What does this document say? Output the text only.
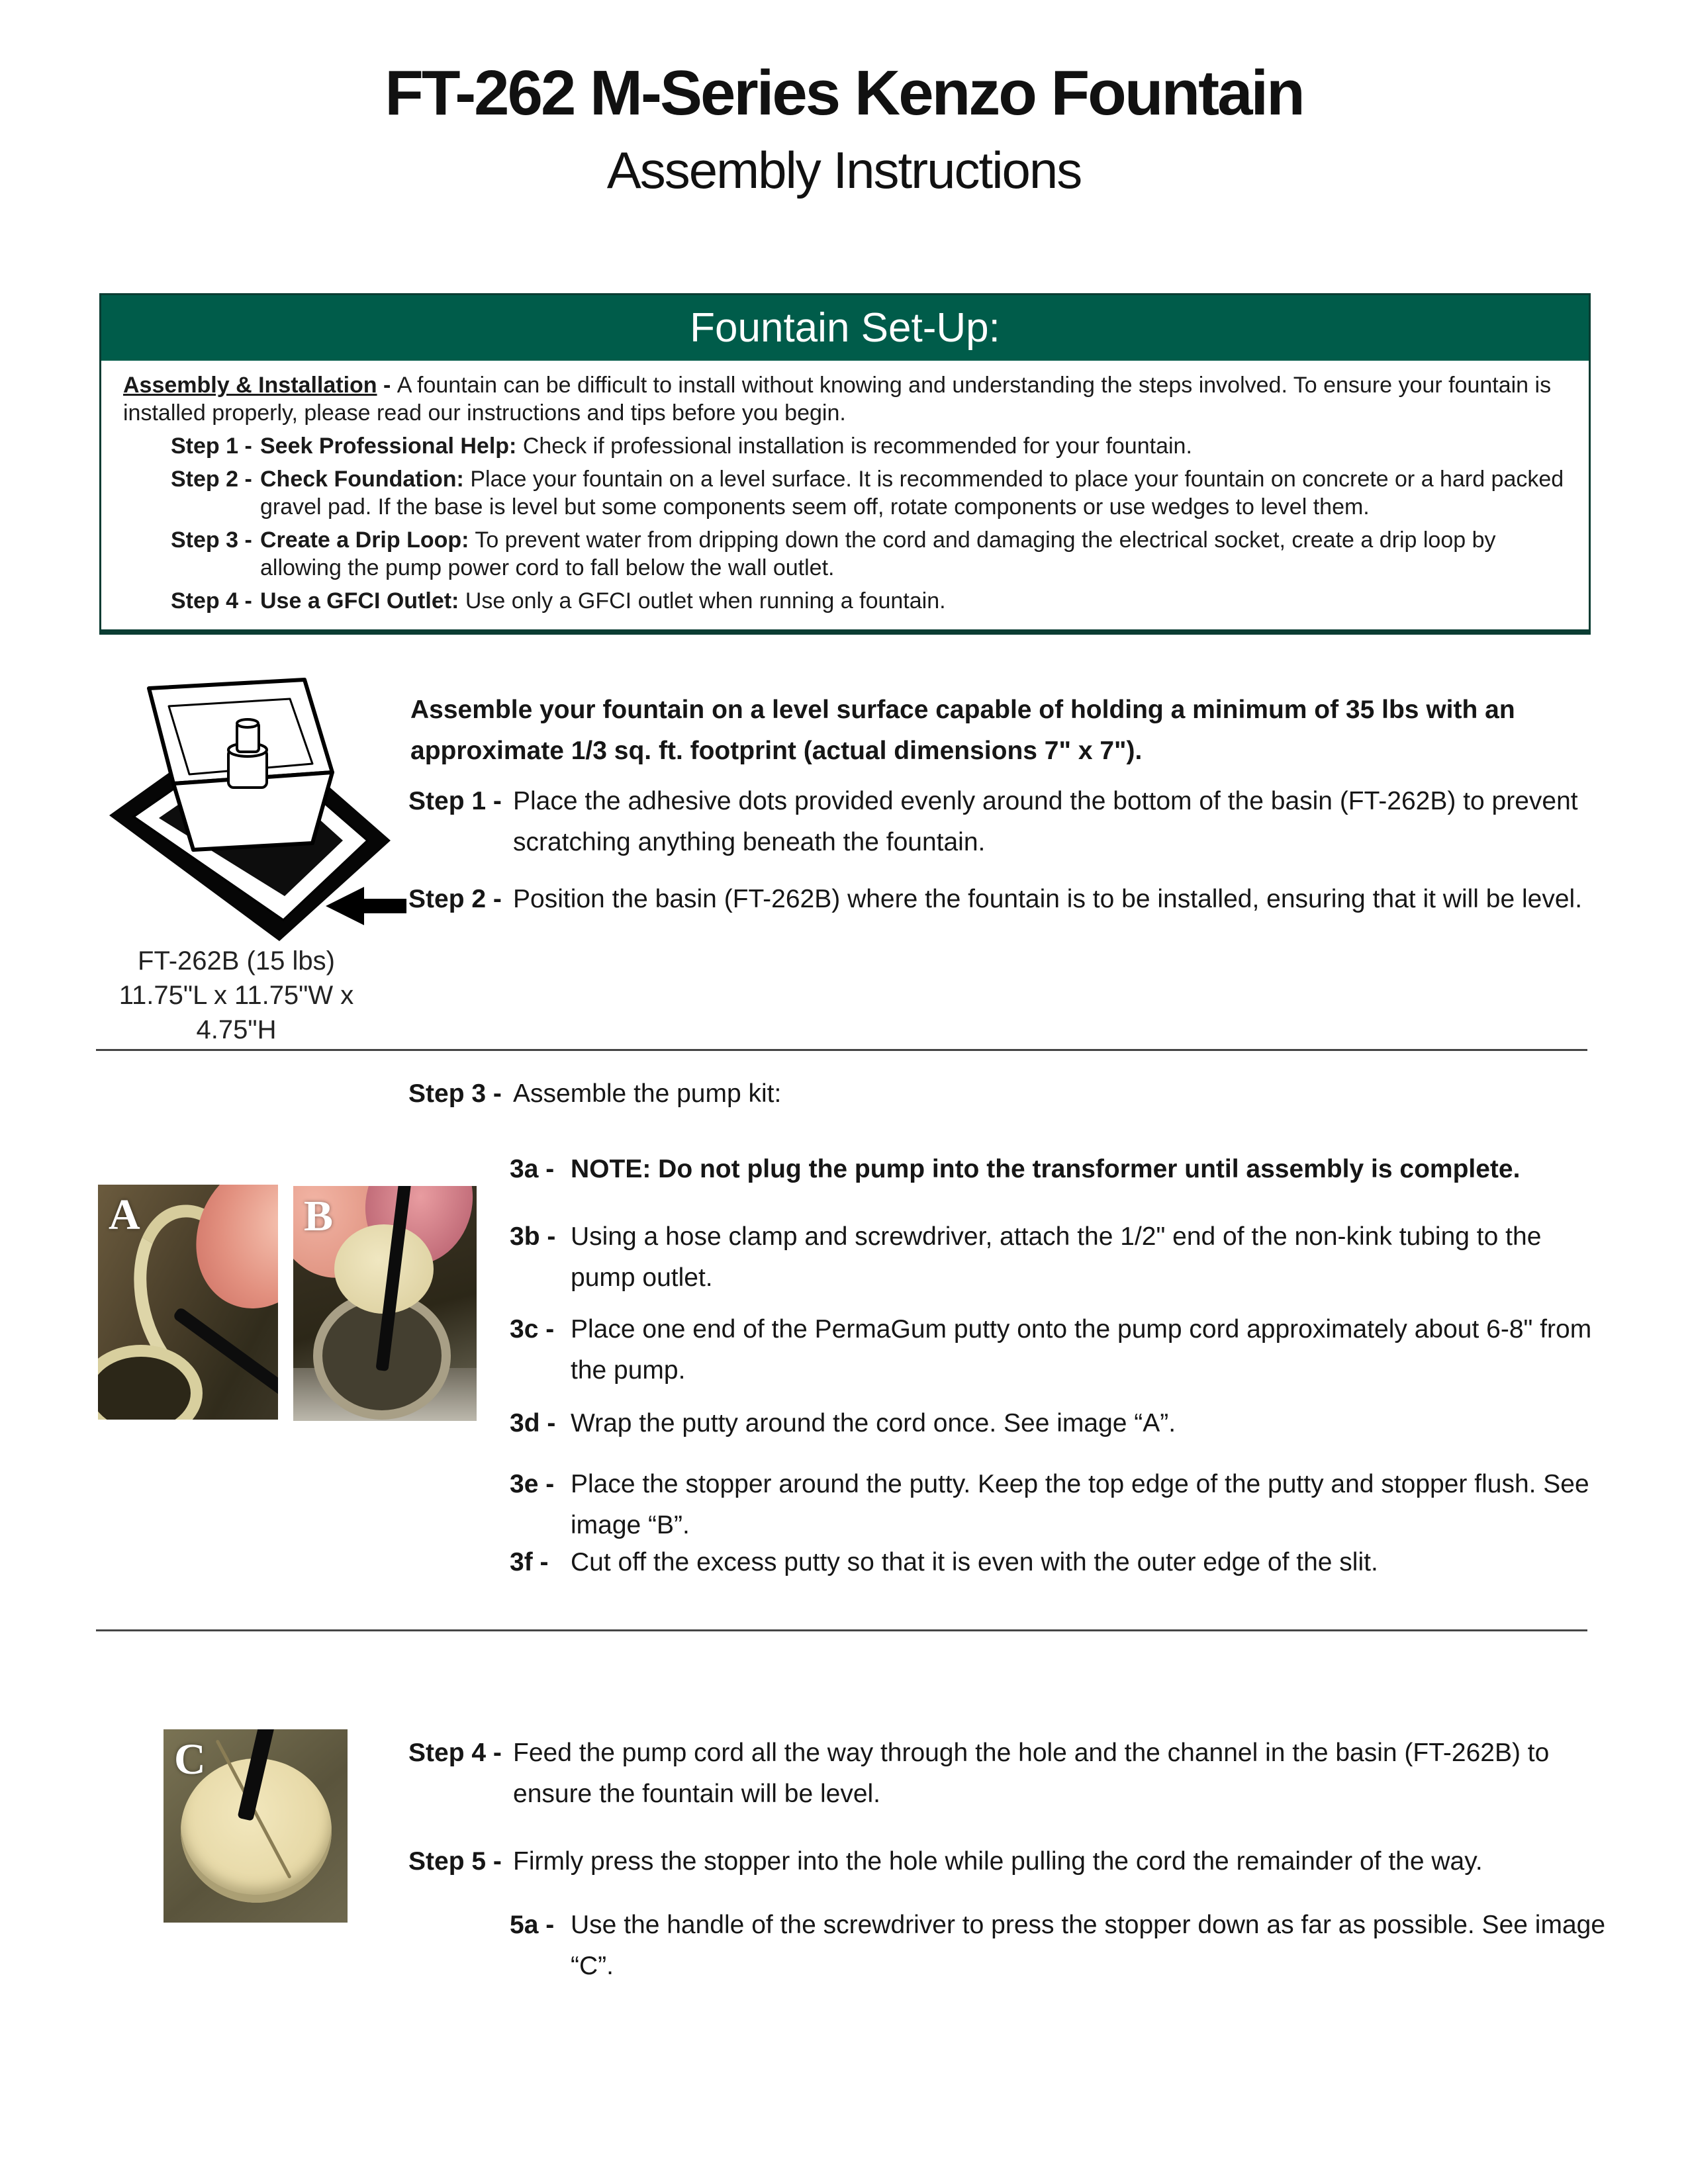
FT-262 M-Series Kenzo Fountain
Assembly Instructions
Fountain Set-Up:
Assembly & Installation - A fountain can be difficult to install without knowing and understanding the steps involved. To ensure your fountain is installed properly, please read our instructions and tips before you begin.
Step 1 - Seek Professional Help: Check if professional installation is recommended for your fountain.
Step 2 - Check Foundation: Place your fountain on a level surface. It is recommended to place your fountain on concrete or a hard packed gravel pad. If the base is level but some components seem off, rotate components or use wedges to level them.
Step 3 - Create a Drip Loop: To prevent water from dripping down the cord and damaging the electrical socket, create a drip loop by allowing the pump power cord to fall below the wall outlet.
Step 4 - Use a GFCI Outlet: Use only a GFCI outlet when running a fountain.
FT-262B (15 lbs)
11.75"L x 11.75"W x 4.75"H
Assemble your fountain on a level surface capable of holding a minimum of 35 lbs with an approximate 1/3 sq. ft. footprint (actual dimensions 7" x 7").
Step 1 - Place the adhesive dots provided evenly around the bottom of the basin (FT-262B) to prevent scratching anything beneath the fountain.
Step 2 - Position the basin (FT-262B) where the fountain is to be installed, ensuring that it will be level.
Step 3 - Assemble the pump kit:
3a - NOTE: Do not plug the pump into the transformer until assembly is complete.
3b - Using a hose clamp and screwdriver, attach the 1/2" end of the non-kink tubing to the pump outlet.
3c - Place one end of the PermaGum putty onto the pump cord approximately about 6-8" from the pump.
3d - Wrap the putty around the cord once. See image “A”.
3e - Place the stopper around the putty. Keep the top edge of the putty and stopper flush. See image “B”.
3f - Cut off the excess putty so that it is even with the outer edge of the slit.
A	B
C	Step 4 - Feed the pump cord all the way through the hole and the channel in the basin (FT-262B) to ensure the fountain will be level.
Step 5 - Firmly press the stopper into the hole while pulling the cord the remainder of the way.
5a - Use the handle of the screwdriver to press the stopper down as far as possible. See image “C”.
